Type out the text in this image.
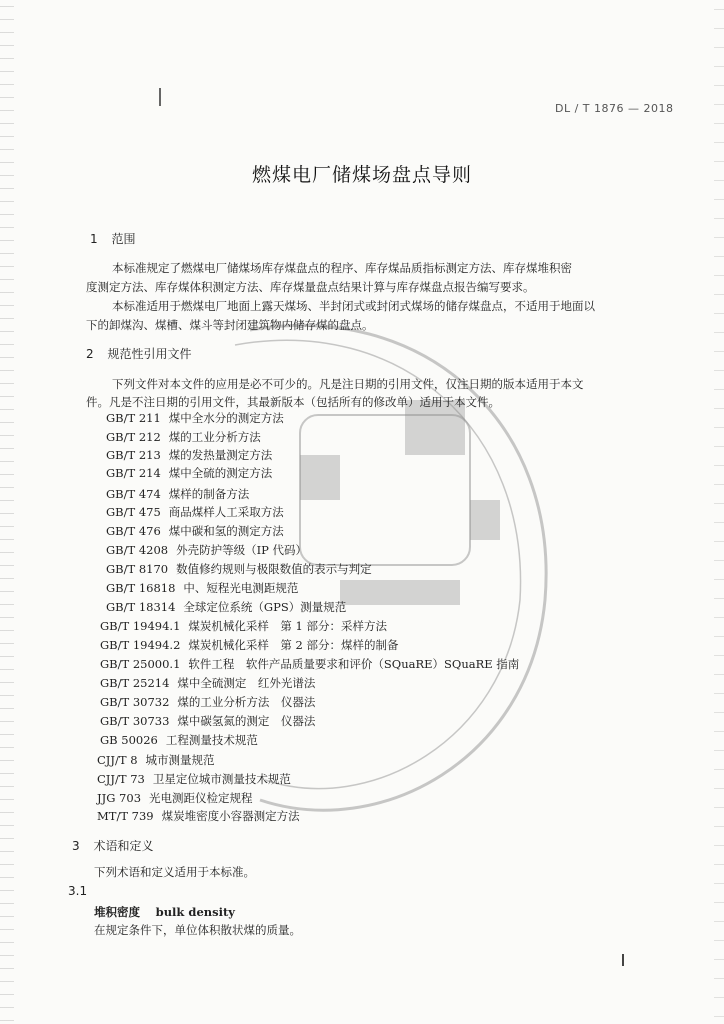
DL / T 1876 — 2018
燃煤电厂储煤场盘点导则
1 范围
本标准规定了燃煤电厂储煤场库存煤盘点的程序、库存煤品质指标测定方法、库存煤堆积密
度测定方法、库存煤体积测定方法、库存煤量盘点结果计算与库存煤盘点报告编写要求。
本标准适用于燃煤电厂地面上露天煤场、半封闭式或封闭式煤场的储存煤盘点，不适用于地面以
下的卸煤沟、煤槽、煤斗等封闭建筑物内储存煤的盘点。
2 规范性引用文件
下列文件对本文件的应用是必不可少的。凡是注日期的引用文件，仅注日期的版本适用于本文
件。凡是不注日期的引用文件，其最新版本（包括所有的修改单）适用于本文件。
GB/T 211 煤中全水分的测定方法
GB/T 212 煤的工业分析方法
GB/T 213 煤的发热量测定方法
GB/T 214 煤中全硫的测定方法
GB/T 474 煤样的制备方法
GB/T 475 商品煤样人工采取方法
GB/T 476 煤中碳和氢的测定方法
GB/T 4208 外壳防护等级（IP 代码）
GB/T 8170 数值修约规则与极限数值的表示与判定
GB/T 16818 中、短程光电测距规范
GB/T 18314 全球定位系统（GPS）测量规范
GB/T 19494.1 煤炭机械化采样　第 1 部分：采样方法
GB/T 19494.2 煤炭机械化采样　第 2 部分：煤样的制备
GB/T 25000.1 软件工程　软件产品质量要求和评价（SQuaRE）SQuaRE 指南
GB/T 25214 煤中全硫测定　红外光谱法
GB/T 30732 煤的工业分析方法　仪器法
GB/T 30733 煤中碳氢氮的测定　仪器法
GB 50026 工程测量技术规范
CJJ/T 8 城市测量规范
CJJ/T 73 卫星定位城市测量技术规范
JJG 703 光电测距仪检定规程
MT/T 739 煤炭堆密度小容器测定方法
3 术语和定义
下列术语和定义适用于本标准。
3.1
堆积密度 bulk density
在规定条件下，单位体积散状煤的质量。
